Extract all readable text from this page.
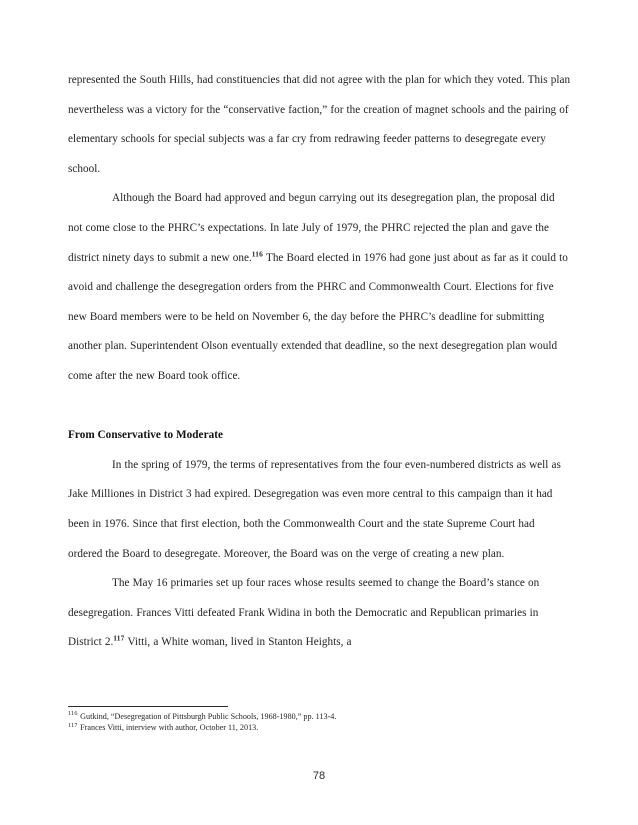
represented the South Hills, had constituencies that did not agree with the plan for which they voted. This plan nevertheless was a victory for the “conservative faction,” for the creation of magnet schools and the pairing of elementary schools for special subjects was a far cry from redrawing feeder patterns to desegregate every school.

Although the Board had approved and begun carrying out its desegregation plan, the proposal did not come close to the PHRC’s expectations. In late July of 1979, the PHRC rejected the plan and gave the district ninety days to submit a new one.$^{116}$ The Board elected in 1976 had gone just about as far as it could to avoid and challenge the desegregation orders from the PHRC and Commonwealth Court. Elections for five new Board members were to be held on November 6, the day before the PHRC’s deadline for submitting another plan. Superintendent Olson eventually extended that deadline, so the next desegregation plan would come after the new Board took office.

From Conservative to Moderate

In the spring of 1979, the terms of representatives from the four even-numbered districts as well as Jake Milliones in District 3 had expired. Desegregation was even more central to this campaign than it had been in 1976. Since that first election, both the Commonwealth Court and the state Supreme Court had ordered the Board to desegregate. Moreover, the Board was on the verge of creating a new plan.

The May 16 primaries set up four races whose results seemed to change the Board’s stance on desegregation. Frances Vitti defeated Frank Widina in both the Democratic and Republican primaries in District 2.$^{117}$ Vitti, a White woman, lived in Stanton Heights, a

$^{116}$ Gutkind, “Desegregation of Pittsburgh Public Schools, 1968-1980,” pp. 113-4.

$^{117}$ Frances Vitti, interview with author, October 11, 2013.

78
